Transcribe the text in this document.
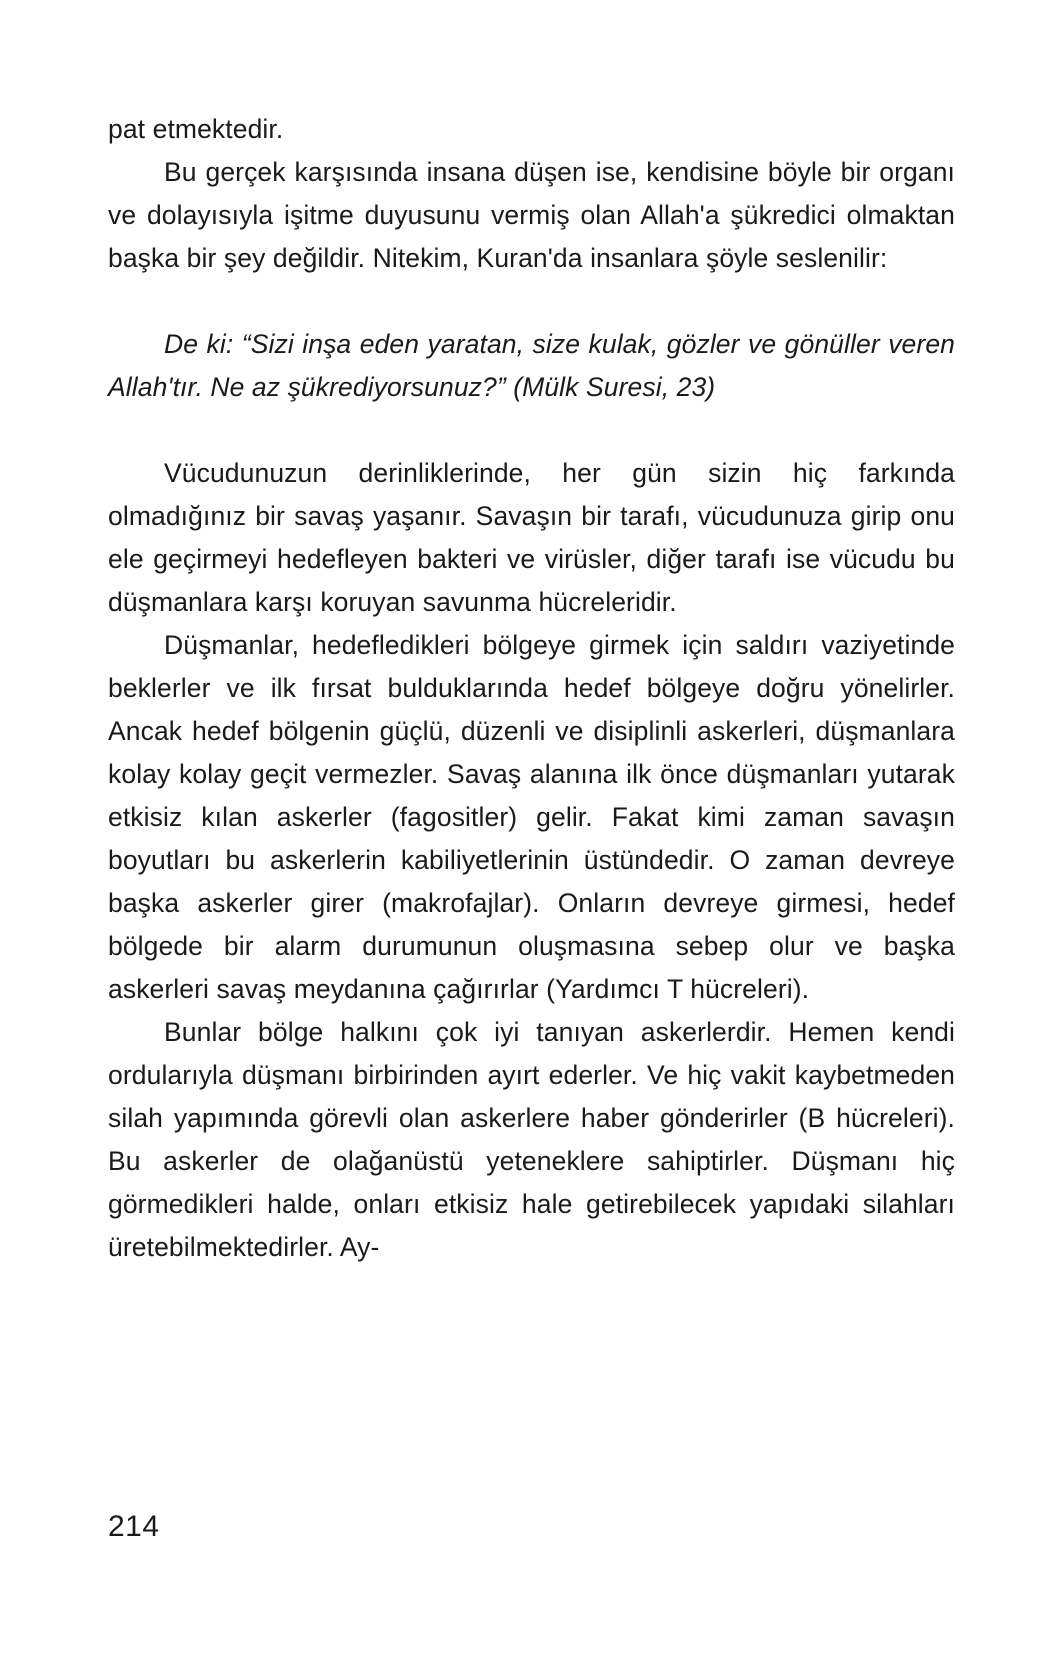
pat etmektedir.

Bu gerçek karşısında insana düşen ise, kendisine böyle bir organı ve dolayısıyla işitme duyusunu vermiş olan Allah'a şükredici olmaktan başka bir şey değildir. Nitekim, Kuran'da insanlara şöyle seslenilir:

De ki: “Sizi inşa eden yaratan, size kulak, gözler ve gönüller veren Allah'tır. Ne az şükrediyorsunuz?” (Mülk Suresi, 23)

Vücudunuzun derinliklerinde, her gün sizin hiç farkında olmadığınız bir savaş yaşanır. Savaşın bir tarafı, vücudunuza girip onu ele geçirmeyi hedefleyen bakteri ve virüsler, diğer tarafı ise vücudu bu düşmanlara karşı koruyan savunma hücreleridir.

Düşmanlar, hedefledikleri bölgeye girmek için saldırı vaziyetinde beklerler ve ilk fırsat bulduklarında hedef bölgeye doğru yönelirler. Ancak hedef bölgenin güçlü, düzenli ve disiplinli askerleri, düşmanlara kolay kolay geçit vermezler. Savaş alanına ilk önce düşmanları yutarak etkisiz kılan askerler (fagositler) gelir. Fakat kimi zaman savaşın boyutları bu askerlerin kabiliyetlerinin üstündedir. O zaman devreye başka askerler girer (makrofajlar). Onların devreye girmesi, hedef bölgede bir alarm durumunun oluşmasına sebep olur ve başka askerleri savaş meydanına çağırırlar (Yardımcı T hücreleri).

Bunlar bölge halkını çok iyi tanıyan askerlerdir. Hemen kendi ordularıyla düşmanı birbirinden ayırt ederler. Ve hiç vakit kaybetmeden silah yapımında görevli olan askerlere haber gönderirler (B hücreleri). Bu askerler de olağanüstü yeteneklere sahiptirler. Düşmanı hiç görmedikleri halde, onları etkisiz hale getirebilecek yapıdaki silahları üretebilmektedirler. Ay-

214
